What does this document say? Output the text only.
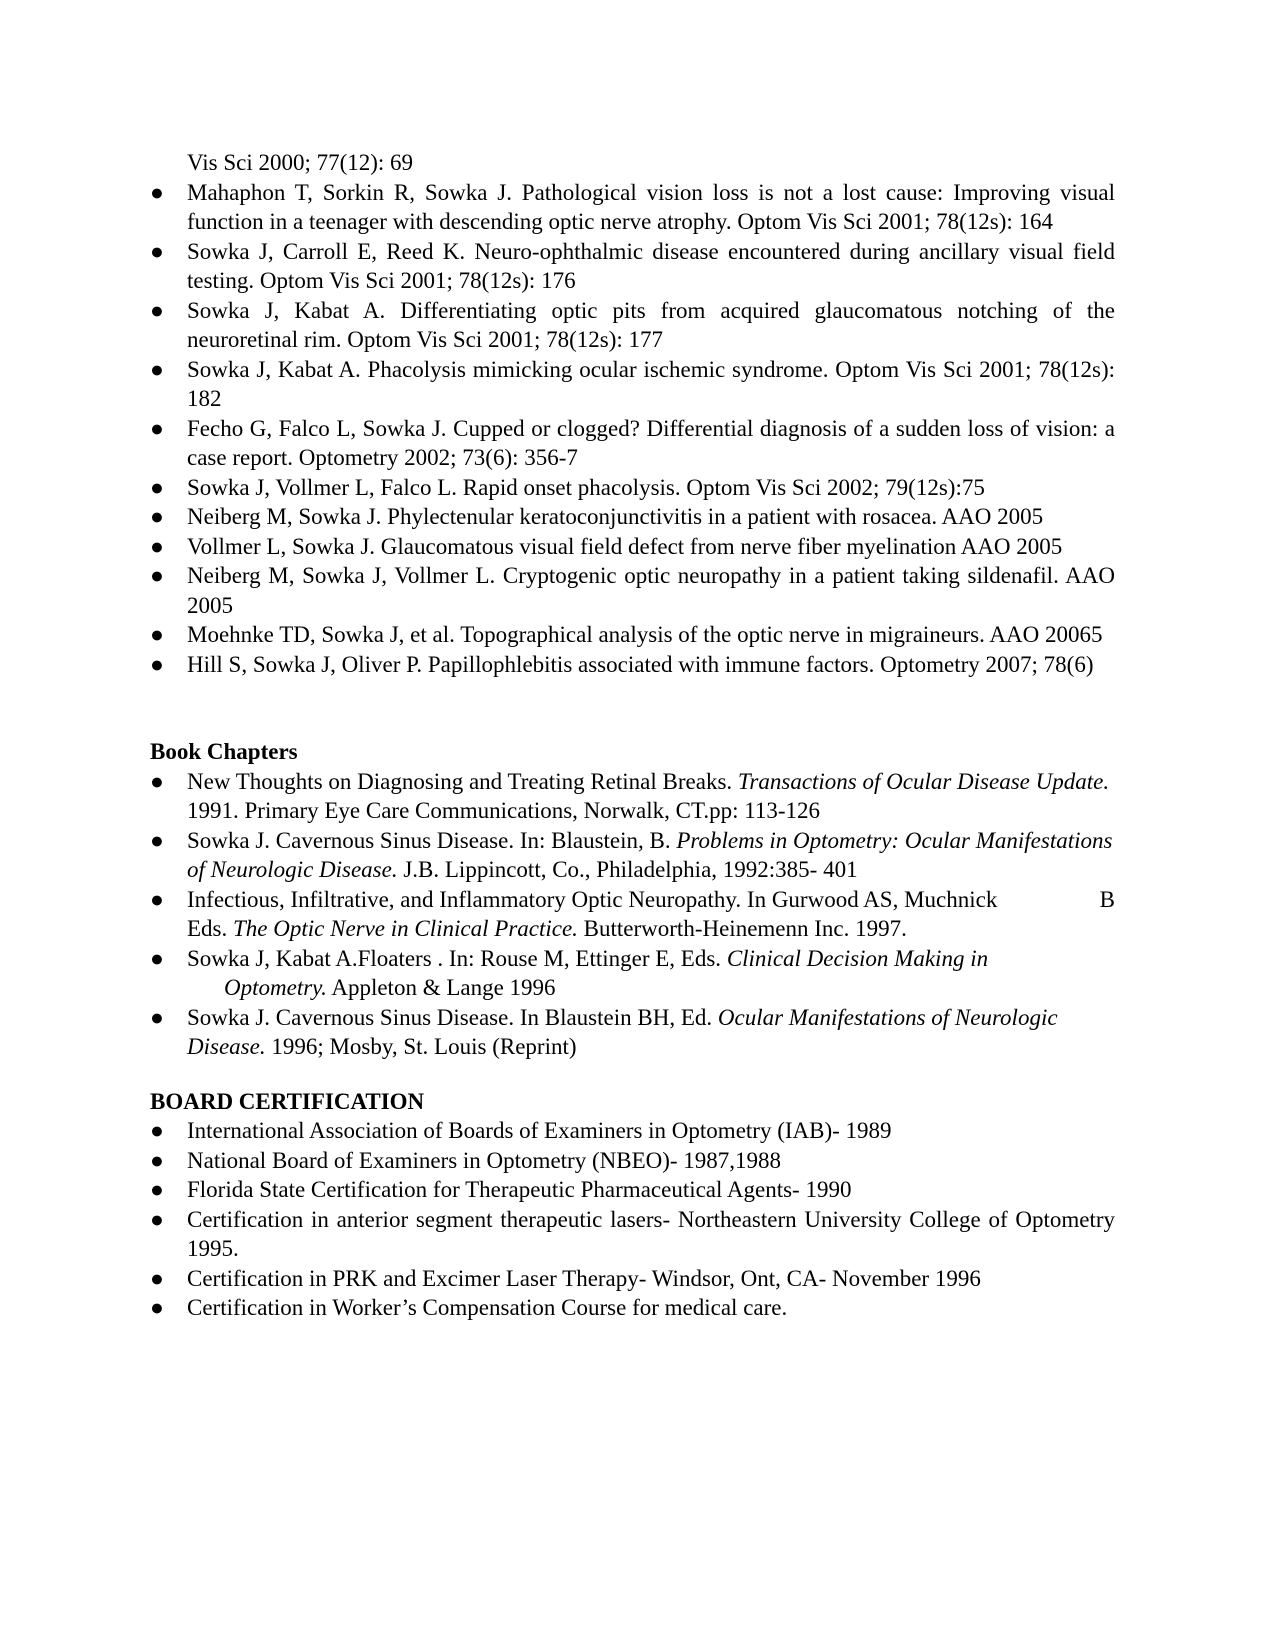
Vis Sci 2000; 77(12): 69
● Mahaphon T, Sorkin R, Sowka J. Pathological vision loss is not a lost cause: Improving visual function in a teenager with descending optic nerve atrophy. Optom Vis Sci 2001; 78(12s): 164
● Sowka J, Carroll E, Reed K. Neuro-ophthalmic disease encountered during ancillary visual field testing. Optom Vis Sci 2001; 78(12s): 176
● Sowka J, Kabat A. Differentiating optic pits from acquired glaucomatous notching of the neuroretinal rim. Optom Vis Sci 2001; 78(12s): 177
● Sowka J, Kabat A. Phacolysis mimicking ocular ischemic syndrome. Optom Vis Sci 2001; 78(12s): 182
● Fecho G, Falco L, Sowka J. Cupped or clogged? Differential diagnosis of a sudden loss of vision: a case report. Optometry 2002; 73(6): 356-7
● Sowka J, Vollmer L, Falco L. Rapid onset phacolysis. Optom Vis Sci 2002; 79(12s):75
● Neiberg M, Sowka J. Phylectenular keratoconjunctivitis in a patient with rosacea. AAO 2005
● Vollmer L, Sowka J. Glaucomatous visual field defect from nerve fiber myelination AAO 2005
● Neiberg M, Sowka J, Vollmer L. Cryptogenic optic neuropathy in a patient taking sildenafil. AAO 2005
● Moehnke TD, Sowka J, et al. Topographical analysis of the optic nerve in migraineurs. AAO 20065
● Hill S, Sowka J, Oliver P. Papillophlebitis associated with immune factors. Optometry 2007; 78(6)
Book Chapters
● New Thoughts on Diagnosing and Treating Retinal Breaks. Transactions of Ocular Disease Update. 1991. Primary Eye Care Communications, Norwalk, CT.pp: 113-126
● Sowka J. Cavernous Sinus Disease. In: Blaustein, B. Problems in Optometry: Ocular Manifestations of Neurologic Disease. J.B. Lippincott, Co., Philadelphia, 1992:385- 401
●	B
Infectious, Infiltrative, and Inflammatory Optic Neuropathy. In Gurwood AS, Muchnick
Eds. The Optic Nerve in Clinical Practice. Butterworth-Heinemenn Inc. 1997.
● Sowka J, Kabat A.Floaters . In: Rouse M, Ettinger E, Eds. Clinical Decision Making in
Optometry. Appleton & Lange 1996
● Sowka J. Cavernous Sinus Disease. In Blaustein BH, Ed. Ocular Manifestations of Neurologic Disease. 1996; Mosby, St. Louis (Reprint)
BOARD CERTIFICATION
● International Association of Boards of Examiners in Optometry (IAB)- 1989
● National Board of Examiners in Optometry (NBEO)- 1987,1988
● Florida State Certification for Therapeutic Pharmaceutical Agents- 1990
● Certification in anterior segment therapeutic lasers- Northeastern University College of Optometry 1995.
● Certification in PRK and Excimer Laser Therapy- Windsor, Ont, CA- November 1996
● Certification in Worker’s Compensation Course for medical care.
